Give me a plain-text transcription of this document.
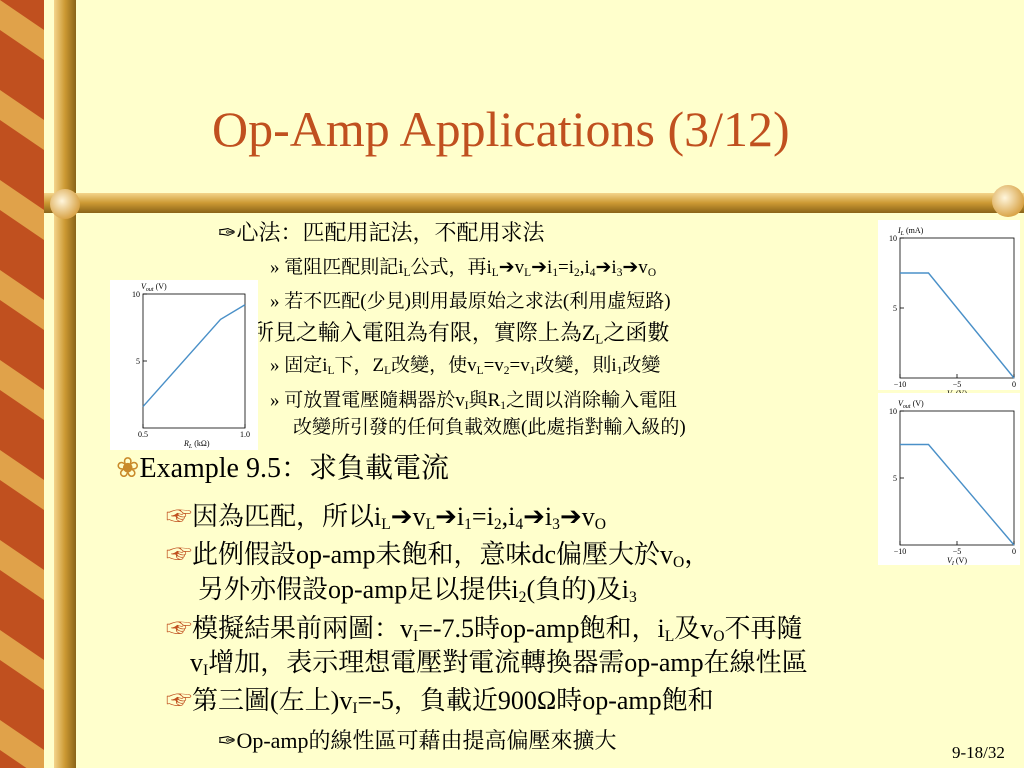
Op-Amp Applications (3/12)
✑心法：匹配用記法，不配用求法
» 電阻匹配則記$i_L$公式，再$i_L➔v_L➔i_1=i_2,i_4➔i_3➔v_O$
» 若不匹配(少見)則用最原始之求法(利用虛短路)
$✑v_I$所見之輸入電阻為有限，實際上為$Z_L$之函數
» 固定$i_L$下，$Z_L$改變，使$v_L=v_2=v_1$改變，則$i_1$改變
» 可放置電壓隨耦器於$v_I$與$R_1$之間以消除輸入電阻
改變所引發的任何負載效應(此處指對輸入級的)
❀Example 9.5：求負載電流
☞因為匹配，所以$i_L➔v_L➔i_1=i_2,i_4➔i_3➔v_O$
☞此例假設op-amp未飽和，意味dc偏壓大於$v_O$，
另外亦假設op-amp足以提供$i_2$(負的)及$i_3$
☞模擬結果前兩圖：$v_I=-7.5$時op-amp飽和，$i_L$及$v_O$不再隨
$v_I$增加，表示理想電壓對電流轉換器需op-amp在線性區
☞第三圖(左上)$v_I=-5$，負載近900Ω時op-amp飽和
✑Op-amp的線性區可藉由提高偏壓來擴大
10
5
0.5	1.0
$V_{out}$ (V)
$R_L$ (kΩ)
10
5
−10	−5	0
$I_L$ (mA)
$V_I$ (V)
10
5
−10	−5	0
$V_{out}$ (V)
$V_I$ (V)
9-18/32
